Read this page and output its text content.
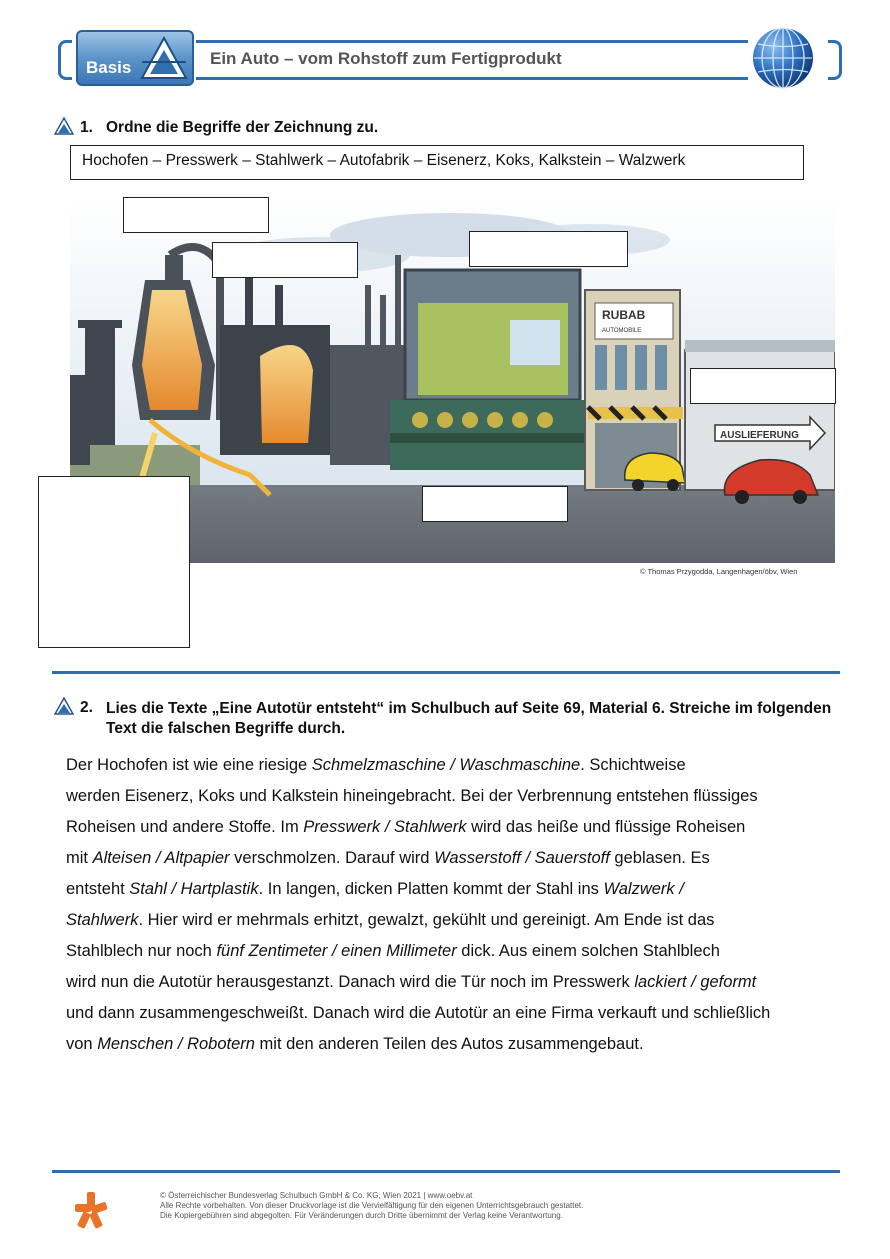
Basis	Ein Auto – vom Rohstoff zum Fertigprodukt
1. Ordne die Begriffe der Zeichnung zu.
Hochofen – Presswerk – Stahlwerk – Autofabrik – Eisenerz, Koks, Kalkstein – Walzwerk
RUBAB
AUTOMOBILE
AUSLIEFERUNG
© Thomas Przygodda, Langenhagen/öbv, Wien
2. Lies die Texte „Eine Autotür entsteht“ im Schulbuch auf Seite 69, Material 6. Streiche im folgenden Text die falschen Begriffe durch.
Der Hochofen ist wie eine riesige Schmelzmaschine / Waschmaschine. Schichtweise
werden Eisenerz, Koks und Kalkstein hineingebracht. Bei der Verbrennung entstehen flüssiges
Roheisen und andere Stoffe. Im Presswerk / Stahlwerk wird das heiße und flüssige Roheisen
mit Alteisen / Altpapier verschmolzen. Darauf wird Wasserstoff / Sauerstoff geblasen. Es
entsteht Stahl / Hartplastik. In langen, dicken Platten kommt der Stahl ins Walzwerk /
Stahlwerk. Hier wird er mehrmals erhitzt, gewalzt, gekühlt und gereinigt. Am Ende ist das
Stahlblech nur noch fünf Zentimeter / einen Millimeter dick. Aus einem solchen Stahlblech
wird nun die Autotür herausgestanzt. Danach wird die Tür noch im Presswerk lackiert / geformt
und dann zusammengeschweißt. Danach wird die Autotür an eine Firma verkauft und schließlich
von Menschen / Robotern mit den anderen Teilen des Autos zusammengebaut.
© Österreichischer Bundesverlag Schulbuch GmbH & Co. KG, Wien 2021 | www.oebv.at
Alle Rechte vorbehalten. Von dieser Druckvorlage ist die Vervielfältigung für den eigenen Unterrichtsgebrauch gestattet.
Die Kopiergebühren sind abgegolten. Für Veränderungen durch Dritte übernimmt der Verlag keine Verantwortung.
